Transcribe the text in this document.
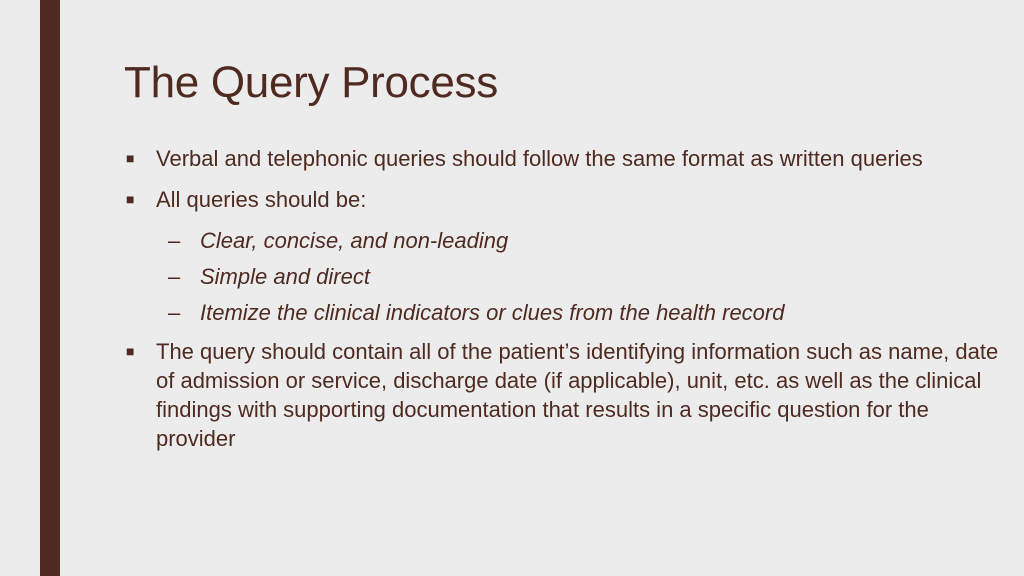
The Query Process
■ Verbal and telephonic queries should follow the same format as written queries
■ All queries should be:
– Clear, concise, and non-leading
– Simple and direct
– Itemize the clinical indicators or clues from the health record
■ The query should contain all of the patient’s identifying information such as name, date of admission or service, discharge date (if applicable), unit, etc. as well as the clinical findings with supporting documentation that results in a specific question for the provider
